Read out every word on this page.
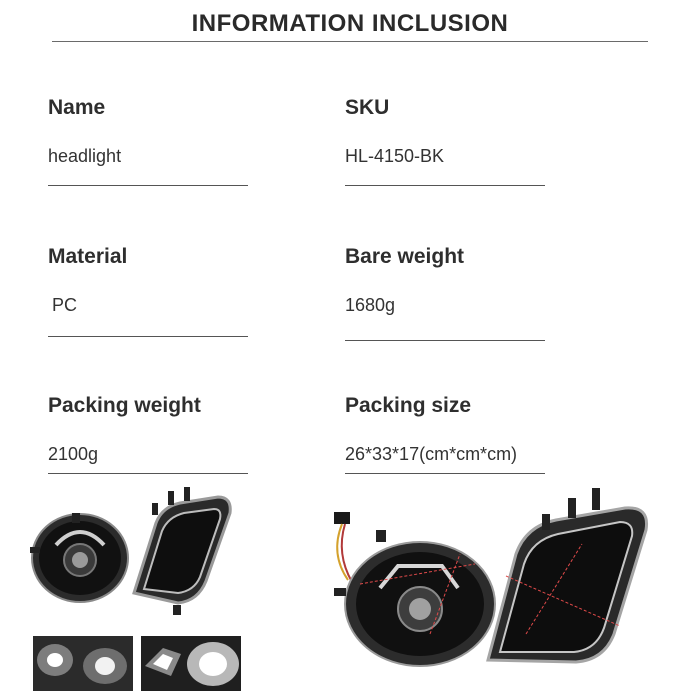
INFORMATION INCLUSION
Name
headlight
SKU
HL-4150-BK
Material
PC
Bare weight
1680g
Packing weight
2100g
Packing size
26*33*17(cm*cm*cm)
